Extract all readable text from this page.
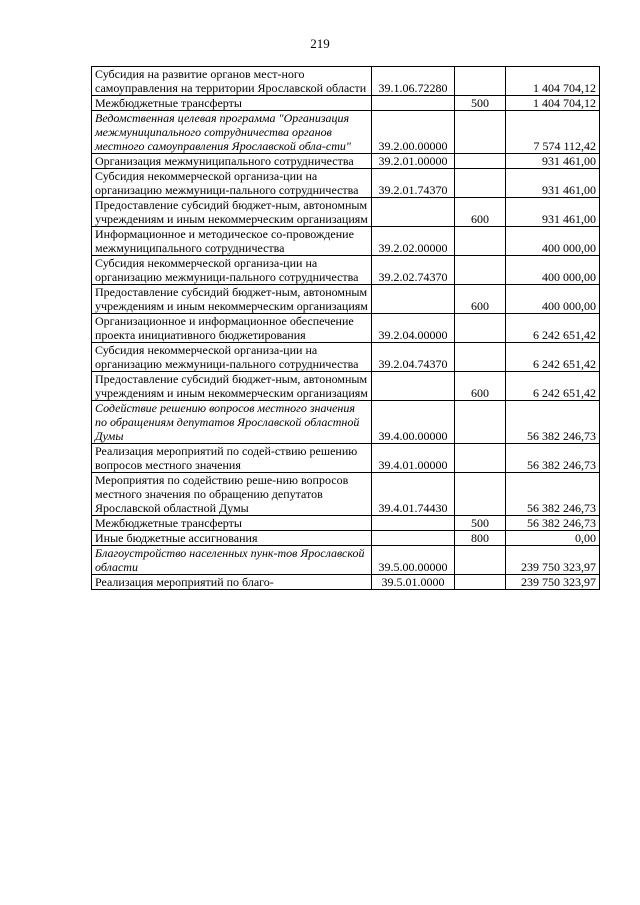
219
Субсидия на развитие органов мест-ного самоуправления на территории Ярославской области	39.1.06.72280		1 404 704,12
Межбюджетные трансферты		500	1 404 704,12
Ведомственная целевая программа "Организация межмуниципального сотрудничества органов местного самоуправления Ярославской обла-сти"	39.2.00.00000		7 574 112,42
Организация межмуниципального сотрудничества	39.2.01.00000		931 461,00
Субсидия некоммерческой организа-ции на организацию межмуници-пального сотрудничества	39.2.01.74370		931 461,00
Предоставление субсидий бюджет-ным, автономным учреждениям и иным некоммерческим организациям		600	931 461,00
Информационное и методическое со-провождение межмуниципального сотрудничества	39.2.02.00000		400 000,00
Субсидия некоммерческой организа-ции на организацию межмуници-пального сотрудничества	39.2.02.74370		400 000,00
Предоставление субсидий бюджет-ным, автономным учреждениям и иным некоммерческим организациям		600	400 000,00
Организационное и информационное обеспечение проекта инициативного бюджетирования	39.2.04.00000		6 242 651,42
Субсидия некоммерческой организа-ции на организацию межмуници-пального сотрудничества	39.2.04.74370		6 242 651,42
Предоставление субсидий бюджет-ным, автономным учреждениям и иным некоммерческим организациям		600	6 242 651,42
Содействие решению вопросов местного значения по обращениям депутатов Ярославской областной Думы	39.4.00.00000		56 382 246,73
Реализация мероприятий по содей-ствию решению вопросов местного значения	39.4.01.00000		56 382 246,73
Мероприятия по содействию реше-нию вопросов местного значения по обращению депутатов Ярославской областной Думы	39.4.01.74430		56 382 246,73
Межбюджетные трансферты		500	56 382 246,73
Иные бюджетные ассигнования		800	0,00
Благоустройство населенных пунк-тов Ярославской области	39.5.00.00000		239 750 323,97
Реализация мероприятий по благо-	39.5.01.0000		239 750 323,97
